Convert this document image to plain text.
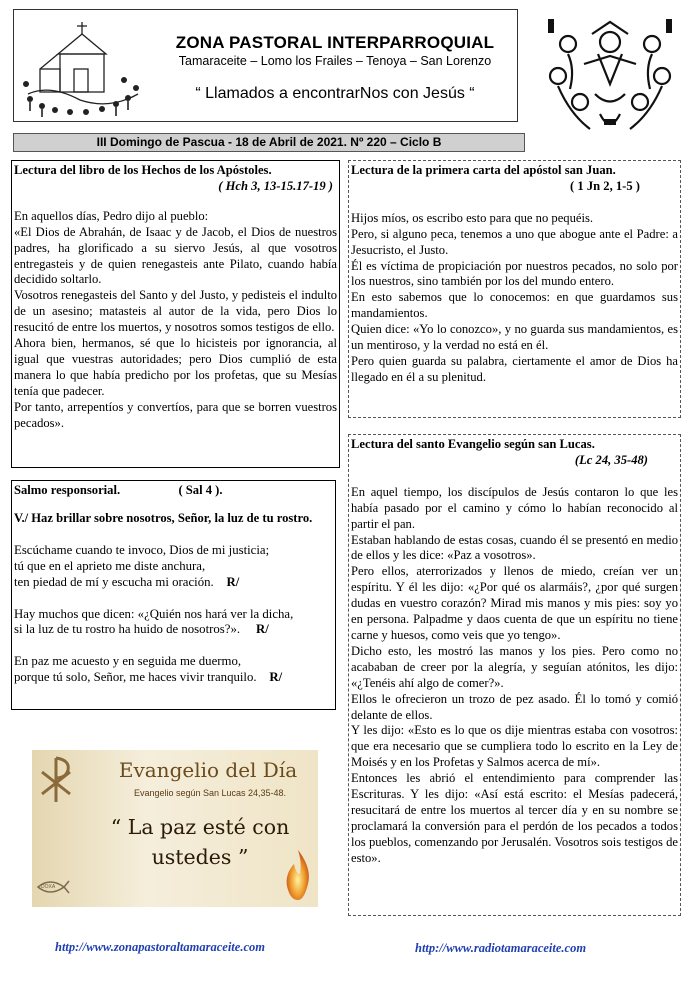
ZONA PASTORAL INTERPARROQUIAL
Tamaraceite – Lomo los Frailes – Tenoya – San Lorenzo
“ Llamados a encontrarNos con Jesús “
III Domingo de Pascua - 18 de Abril de 2021. Nº 220 – Ciclo B
Lectura del libro de los Hechos de los Apóstoles.
( Hch 3, 13-15.17-19 )

En aquellos días, Pedro dijo al pueblo:

«El Dios de Abrahán, de Isaac y de Jacob, el Dios de nuestros padres, ha glorificado a su siervo Jesús, al que vosotros entregasteis y de quien renegasteis ante Pilato, cuando había decidido soltarlo.

Vosotros renegasteis del Santo y del Justo, y pedisteis el indulto de un asesino; matasteis al autor de la vida, pero Dios lo resucitó de entre los muertos, y nosotros somos testigos de ello.

Ahora bien, hermanos, sé que lo hicisteis por ignorancia, al igual que vuestras autoridades; pero Dios cumplió de esta manera lo que había predicho por los profetas, que su Mesías tenía que padecer.

Por tanto, arrepentíos y convertíos, para que se borren vuestros pecados».

Lectura de la primera carta del apóstol san Juan.
( 1 Jn 2, 1-5 )

Hijos míos, os escribo esto para que no pequéis.

Pero, si alguno peca, tenemos a uno que abogue ante el Padre: a Jesucristo, el Justo.

Él es víctima de propiciación por nuestros pecados, no solo por los nuestros, sino también por los del mundo entero.

En esto sabemos que lo conocemos: en que guardamos sus mandamientos.

Quien dice: «Yo lo conozco», y no guarda sus mandamientos, es un mentiroso, y la verdad no está en él.

Pero quien guarda su palabra, ciertamente el amor de Dios ha llegado en él a su plenitud.

Salmo responsorial.	( Sal 4 ).

V./ Haz brillar sobre nosotros, Señor, la luz de tu rostro.

Escúchame cuando te invoco, Dios de mi justicia;
tú que en el aprieto me diste anchura,
ten piedad de mí y escucha mi oración. R/
Hay muchos que dicen: «¿Quién nos hará ver la dicha,
si la luz de tu rostro ha huido de nosotros?». R/
En paz me acuesto y en seguida me duermo,
porque tú solo, Señor, me haces vivir tranquilo. R/
Lectura del santo Evangelio según san Lucas.
(Lc 24, 35-48)

En aquel tiempo, los discípulos de Jesús contaron lo que les había pasado por el camino y cómo lo habían reconocido al partir el pan.

Estaban hablando de estas cosas, cuando él se presentó en medio de ellos y les dice: «Paz a vosotros».

Pero ellos, aterrorizados y llenos de miedo, creían ver un espíritu. Y él les dijo: «¿Por qué os alarmáis?, ¿por qué surgen dudas en vuestro corazón? Mirad mis manos y mis pies: soy yo en persona. Palpadme y daos cuenta de que un espíritu no tiene carne y huesos, como veis que yo tengo».

Dicho esto, les mostró las manos y los pies. Pero como no acababan de creer por la alegría, y seguían atónitos, les dijo: «¿Tenéis ahí algo de comer?».

Ellos le ofrecieron un trozo de pez asado. Él lo tomó y comió delante de ellos.

Y les dijo: «Esto es lo que os dije mientras estaba con vosotros: que era necesario que se cumpliera todo lo escrito en la Ley de Moisés y en los Profetas y Salmos acerca de mí».

Entonces les abrió el entendimiento para comprender las Escrituras. Y les dijo: «Así está escrito: el Mesías padecerá, resucitará de entre los muertos al tercer día y en su nombre se proclamará la conversión para el perdón de los pecados a todos los pueblos, comenzando por Jerusalén. Vosotros sois testigos de esto».

DOXA
Evangelio del Día
Evangelio según San Lucas 24,35-48.
“ La paz esté con ustedes ”
http://www.zonapastoraltamaraceite.com	http://www.radiotamaraceite.com
